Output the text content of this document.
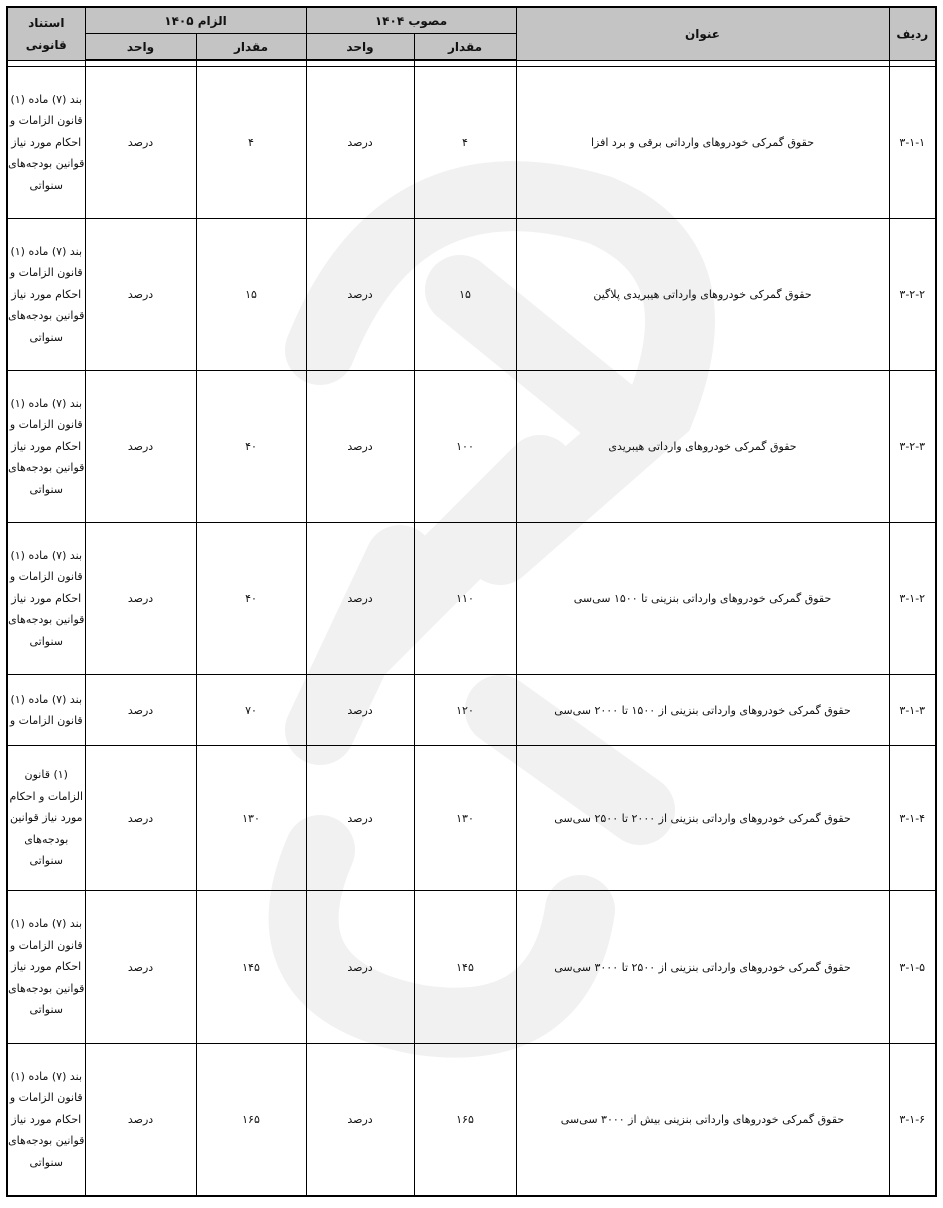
ردیف	عنوان	مصوب ۱۴۰۴		الزام ۱۴۰۵		استناد قانونی
		مقدار	واحد	مقدار	واحد	

۳-۱-۱	حقوق گمرکی خودروهای وارداتی برقی و برد افزا	۴	درصد	۴	درصد	بند (۷) ماده (۱) قانون الزامات و احکام مورد نیاز قوانین بودجه‌های سنواتی
۳-۲-۲	حقوق گمرکی خودروهای وارداتی هیبریدی پلاگین	۱۵	درصد	۱۵	درصد	بند (۷) ماده (۱) قانون الزامات و احکام مورد نیاز قوانین بودجه‌های سنواتی
۳-۲-۳	حقوق گمرکی خودروهای وارداتی هیبریدی	۱۰۰	درصد	۴۰	درصد	بند (۷) ماده (۱) قانون الزامات و احکام مورد نیاز قوانین بودجه‌های سنواتی
۳-۱-۲	حقوق گمرکی خودروهای وارداتی بنزینی تا ۱۵۰۰ سی‌سی	۱۱۰	درصد	۴۰	درصد	بند (۷) ماده (۱) قانون الزامات و احکام مورد نیاز قوانین بودجه‌های سنواتی
۳-۱-۳	حقوق گمرکی خودروهای وارداتی بنزینی از ۱۵۰۰ تا ۲۰۰۰ سی‌سی	۱۲۰	درصد	۷۰	درصد	بند (۷) ماده (۱) قانون الزامات و
۳-۱-۴	حقوق گمرکی خودروهای وارداتی بنزینی از ۲۰۰۰ تا ۲۵۰۰ سی‌سی	۱۳۰	درصد	۱۳۰	درصد	(۱) قانون الزامات و احکام مورد نیاز قوانین بودجه‌های سنواتی
۳-۱-۵	حقوق گمرکی خودروهای وارداتی بنزینی از ۲۵۰۰ تا ۳۰۰۰ سی‌سی	۱۴۵	درصد	۱۴۵	درصد	بند (۷) ماده (۱) قانون الزامات و احکام مورد نیاز قوانین بودجه‌های سنواتی
۳-۱-۶	حقوق گمرکی خودروهای وارداتی بنزینی بیش از ۳۰۰۰ سی‌سی	۱۶۵	درصد	۱۶۵	درصد	بند (۷) ماده (۱) قانون الزامات و احکام مورد نیاز قوانین بودجه‌های سنواتی
